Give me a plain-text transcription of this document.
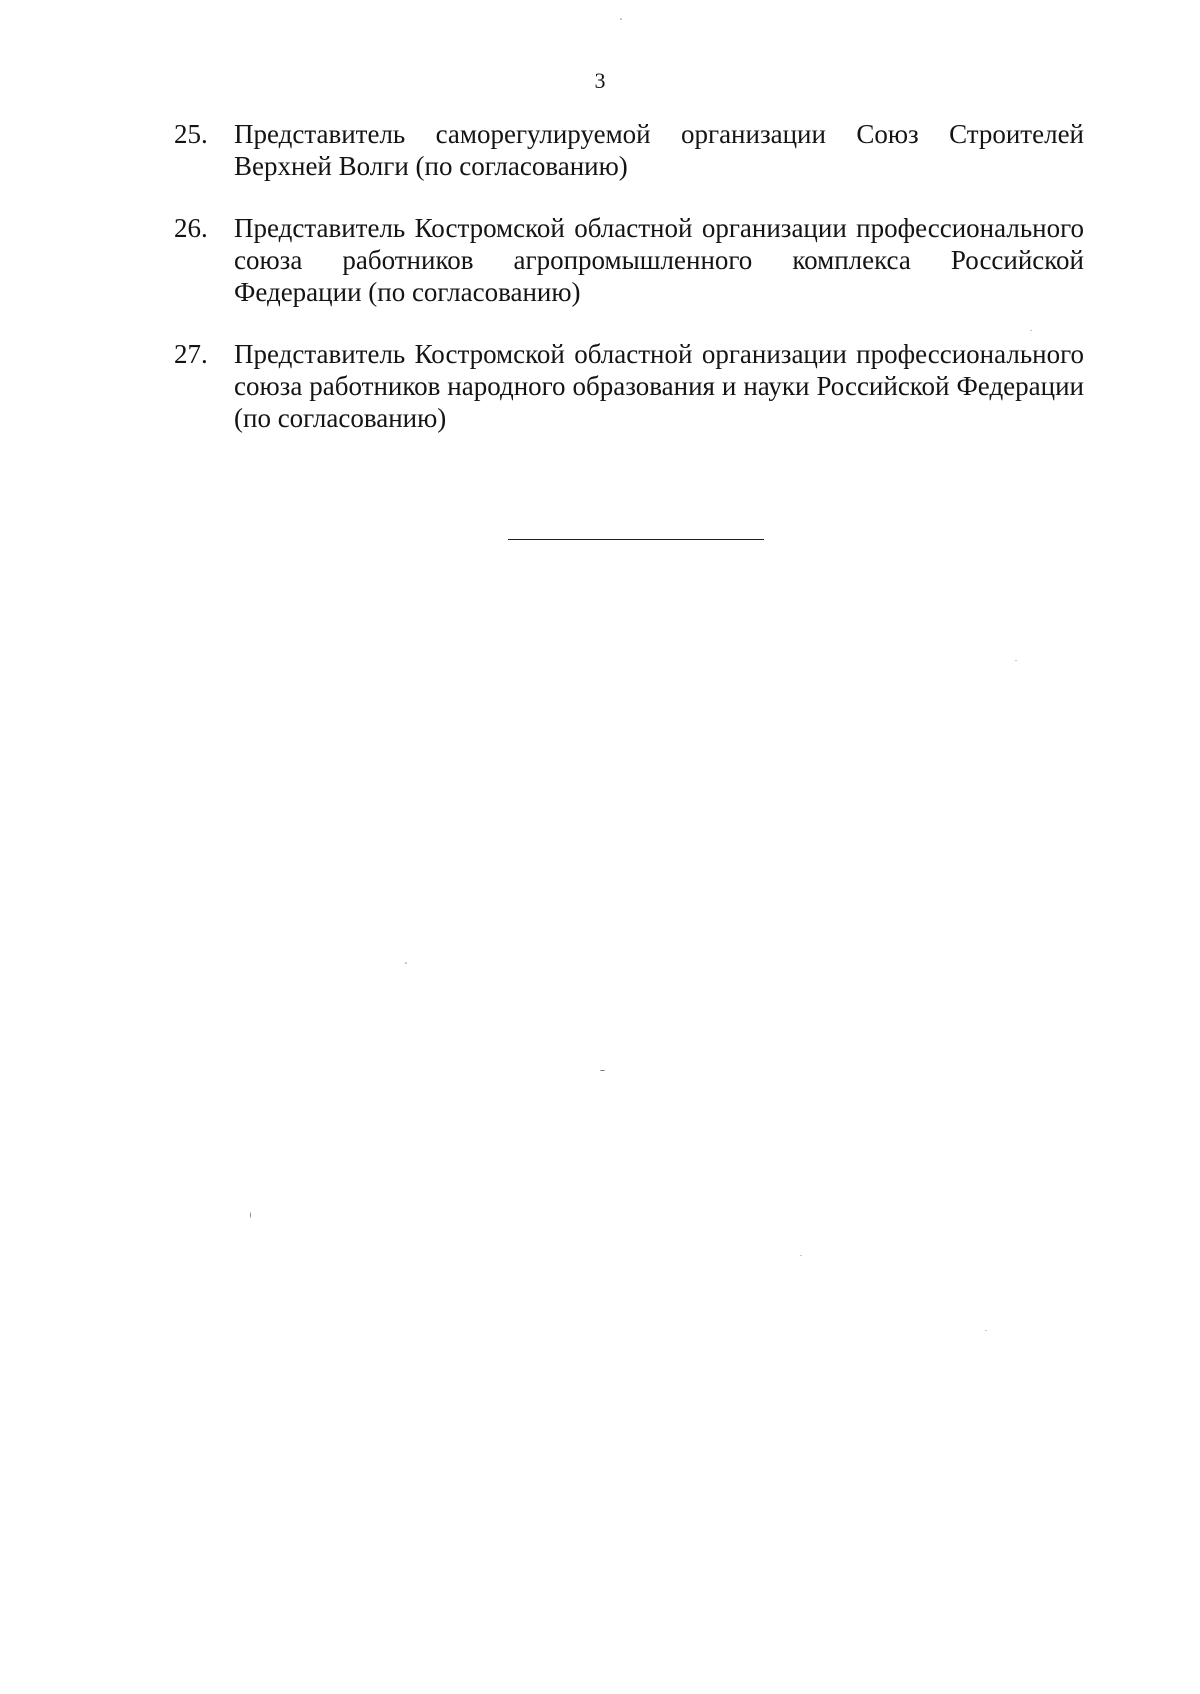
3
25. Представитель саморегулируемой организации Союз Строителей Верхней Волги (по согласованию)
26. Представитель Костромской областной организации профессионального союза работников агропромышленного комплекса Российской Федерации (по согласованию)
27. Представитель Костромской областной организации профессионального союза работников народного образования и науки Российской Федерации (по согласованию)
